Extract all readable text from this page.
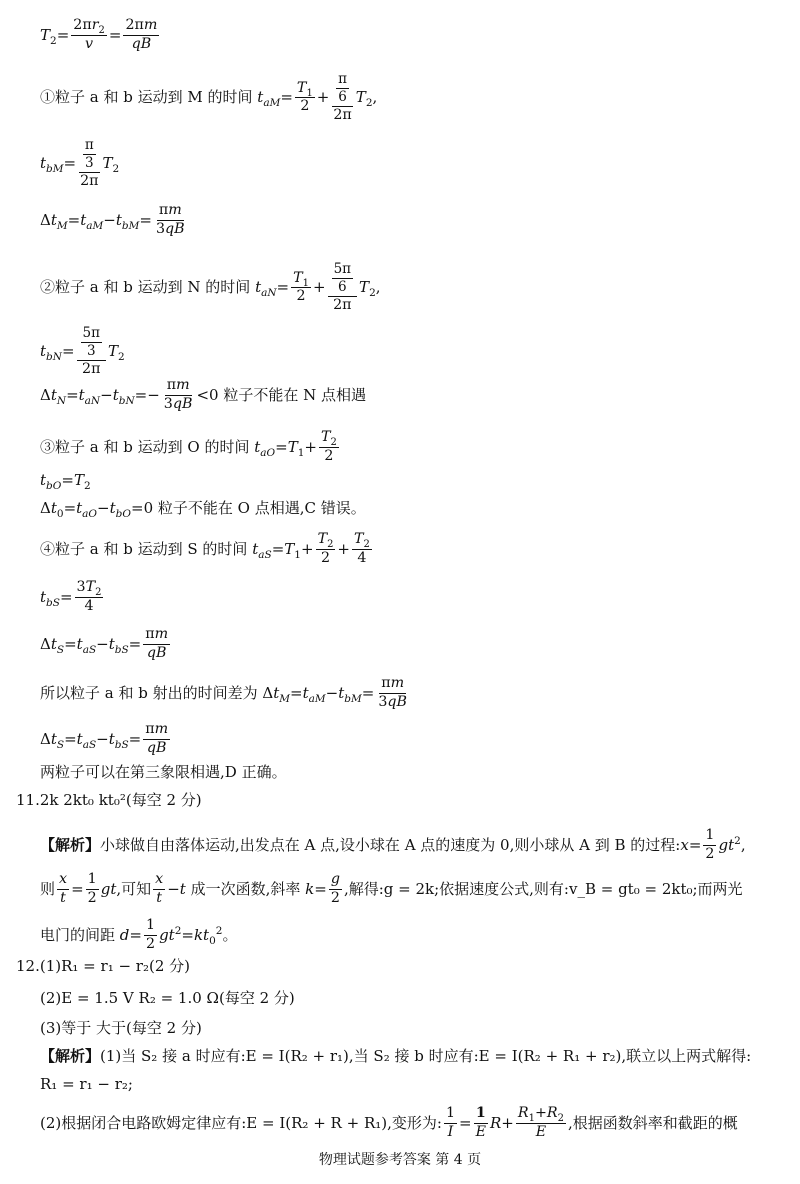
$T_2= \frac{2\pi r_2}{v} = \frac{2\pi m}{qB}$
①粒子 a 和 b 运动到 M 的时间 $t_{aM}= \frac{T_1}{2} + \frac{\frac{\pi}{6}}{2\pi} T_2$,
$t_{bM}= \frac{\frac{\pi}{3}}{2\pi} T_2$
$\Delta t_M=t_{aM}-t_{bM}= \frac{\pi m}{3qB}$
②粒子 a 和 b 运动到 N 的时间 $t_{aN}= \frac{T_1}{2} + \frac{\frac{5\pi}{6}}{2\pi} T_2$,
$t_{bN}= \frac{\frac{5\pi}{3}}{2\pi} T_2$
$\Delta t_N=t_{aN}-t_{bN}=- \frac{\pi m}{3qB} <0$ 粒子不能在 N 点相遇
③粒子 a 和 b 运动到 O 的时间 $t_{aO}=T_1+ \frac{T_2}{2}$
$t_{bO}=T_2$
$\Delta t_0=t_{aO}-t_{bO}=0$ 粒子不能在 O 点相遇,C 错误。
④粒子 a 和 b 运动到 S 的时间 $t_{aS}=T_1+ \frac{T_2}{2} + \frac{T_2}{4}$
$t_{bS}= \frac{3T_2}{4}$
$\Delta t_S=t_{aS}-t_{bS}= \frac{\pi m}{qB}$
所以粒子 a 和 b 射出的时间差为 $\Delta t_M=t_{aM}-t_{bM}= \frac{\pi m}{3qB}$
$\Delta t_S=t_{aS}-t_{bS}= \frac{\pi m}{qB}$
两粒子可以在第三象限相遇,D 正确。
11. 2k 2kt₀ kt₀²(每空 2 分)
【解析】 小球做自由落体运动,出发点在 A 点,设小球在 A 点的速度为 0,则小球从 A 到 B 的过程: $x= \frac{1}{2} gt^2$,
则 $\frac{x}{t} = \frac{1}{2}$ gt ,可知 $\frac{x}{t} -t$ 成一次函数,斜率 $k= \frac{g}{2}$ ,解得:g = 2k;依据速度公式,则有:v_B = gt₀ = 2kt₀;而两光
电门的间距 $d= \frac{1}{2} gt^2=kt_0^2$。
12. (1)R₁ = r₁ − r₂(2 分)
(2)E = 1.5 V R₂ = 1.0 Ω(每空 2 分)
(3)等于 大于(每空 2 分)
【解析】 (1)当 S₂ 接 a 时应有:E = I(R₂ + r₁),当 S₂ 接 b 时应有:E = I(R₂ + R₁ + r₂),联立以上两式解得:
R₁ = r₁ − r₂;
(2)根据闭合电路欧姆定律应有:E = I(R₂ + R + R₁),变形为: $\frac{1}{I} = \frac{1}{E} R+ \frac{R_1+R_2}{E}$ ,根据函数斜率和截距的概
物理试题参考答案 第 4 页
